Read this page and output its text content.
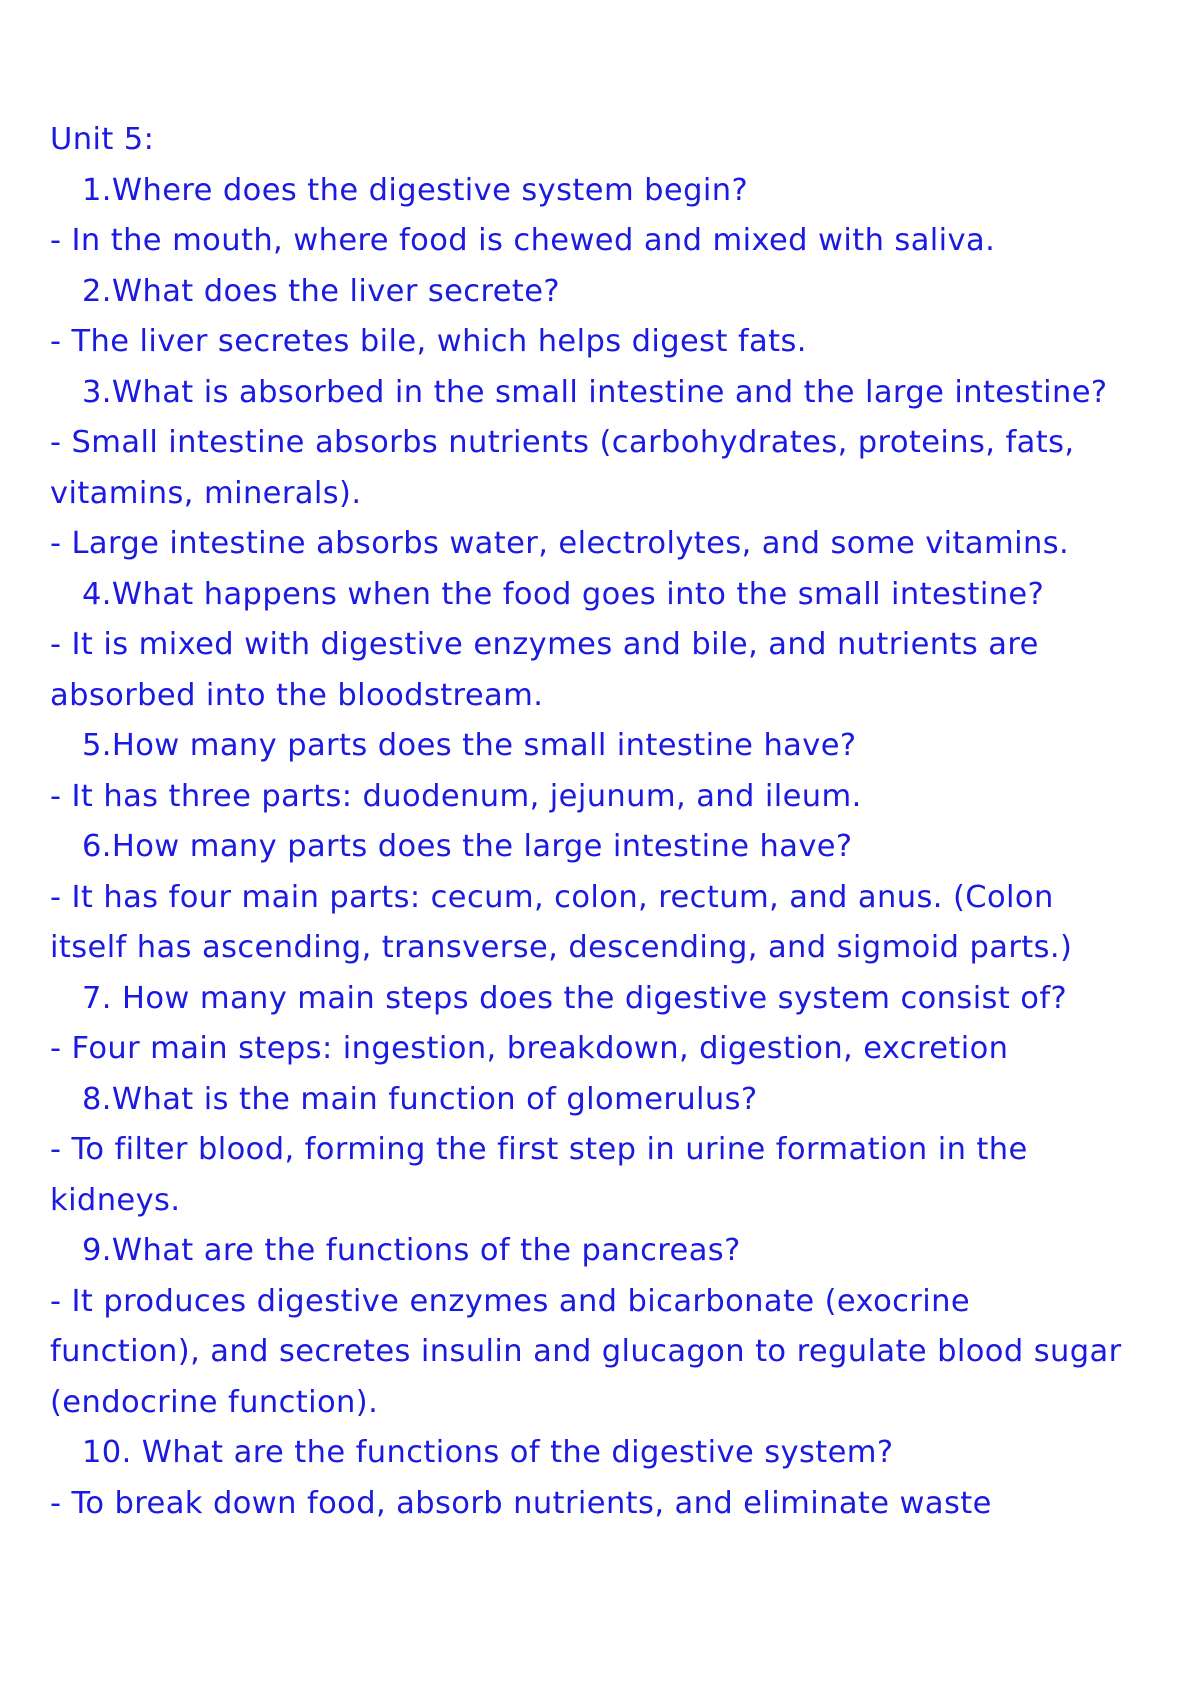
Unit 5:

1.Where does the digestive system begin?

- In the mouth, where food is chewed and mixed with saliva.

2.What does the liver secrete?

- The liver secretes bile, which helps digest fats.

3.What is absorbed in the small intestine and the large intestine?

- Small intestine absorbs nutrients (carbohydrates, proteins, fats, vitamins, minerals).

- Large intestine absorbs water, electrolytes, and some vitamins.

4.What happens when the food goes into the small intestine?

- It is mixed with digestive enzymes and bile, and nutrients are absorbed into the bloodstream.

5.How many parts does the small intestine have?

- It has three parts: duodenum, jejunum, and ileum.

6.How many parts does the large intestine have?

- It has four main parts: cecum, colon, rectum, and anus. (Colon itself has ascending, transverse, descending, and sigmoid parts.)

7. How many main steps does the digestive system consist of?

- Four main steps: ingestion, breakdown, digestion, excretion

8.What is the main function of glomerulus?

- To filter blood, forming the first step in urine formation in the kidneys.

9.What are the functions of the pancreas?

- It produces digestive enzymes and bicarbonate (exocrine function), and secretes insulin and glucagon to regulate blood sugar (endocrine function).

10. What are the functions of the digestive system?

- To break down food, absorb nutrients, and eliminate waste
